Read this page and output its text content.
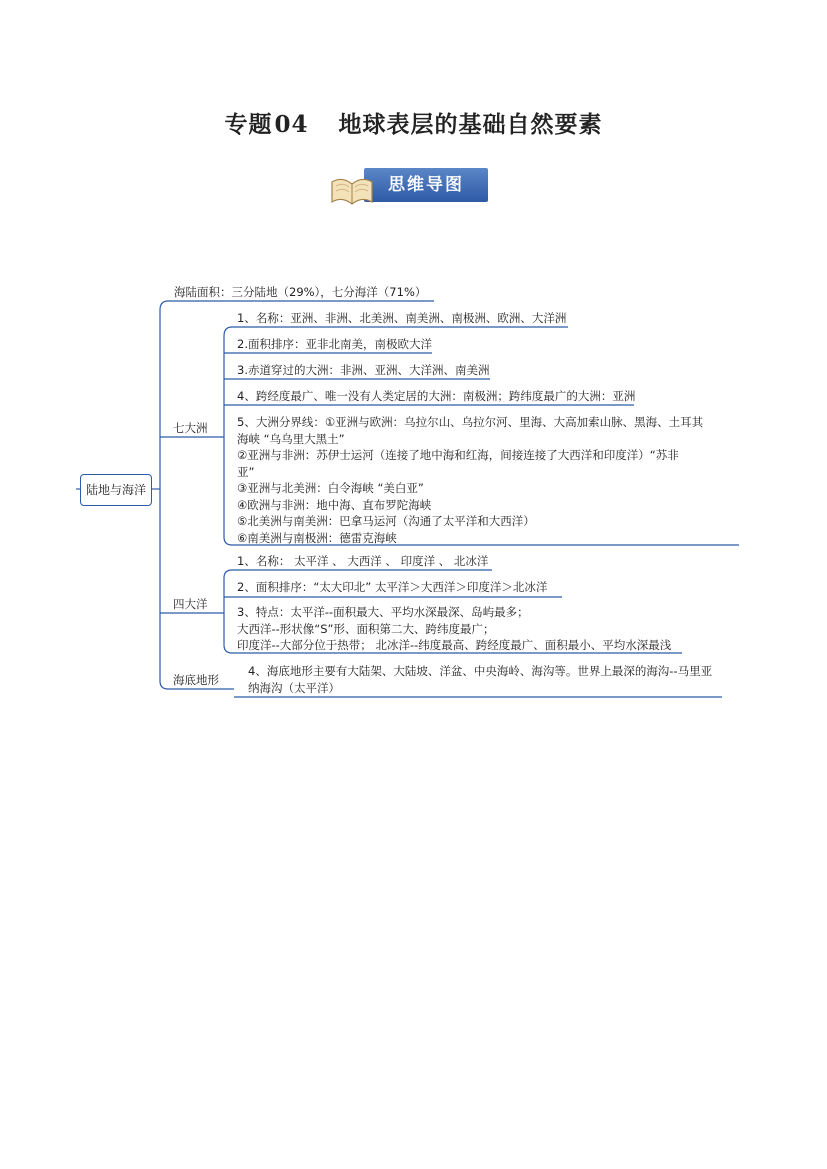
专题04 地球表层的基础自然要素
思维导图
陆地与海洋
海陆面积：三分陆地（29%），七分海洋（71%）
七大洲
四大洋
海底地形
1、名称：亚洲、非洲、北美洲、南美洲、南极洲、欧洲、大洋洲
2.面积排序：亚非北南美，南极欧大洋
3.赤道穿过的大洲：非洲、亚洲、大洋洲、南美洲
4、跨经度最广、唯一没有人类定居的大洲：南极洲；跨纬度最广的大洲：亚洲
5、大洲分界线：①亚洲与欧洲：乌拉尔山、乌拉尔河、里海、大高加索山脉、黑海、土耳其
海峡 “乌乌里大黑土”
②亚洲与非洲：苏伊士运河（连接了地中海和红海，间接连接了大西洋和印度洋）“苏非
亚”
③亚洲与北美洲：白令海峡 “美白亚”
④欧洲与非洲：地中海、直布罗陀海峡
⑤北美洲与南美洲：巴拿马运河（沟通了太平洋和大西洋）
⑥南美洲与南极洲：德雷克海峡
1、名称： 太平洋 、 大西洋 、 印度洋 、 北冰洋
2、面积排序：“太大印北” 太平洋＞大西洋＞印度洋＞北冰洋
3、特点：太平洋--面积最大、平均水深最深、岛屿最多；
大西洋--形状像“S”形、面积第二大、跨纬度最广；
印度洋--大部分位于热带； 北冰洋--纬度最高、跨经度最广、面积最小、平均水深最浅
4、海底地形主要有大陆架、大陆坡、洋盆、中央海岭、海沟等。世界上最深的海沟--马里亚
纳海沟（太平洋）
